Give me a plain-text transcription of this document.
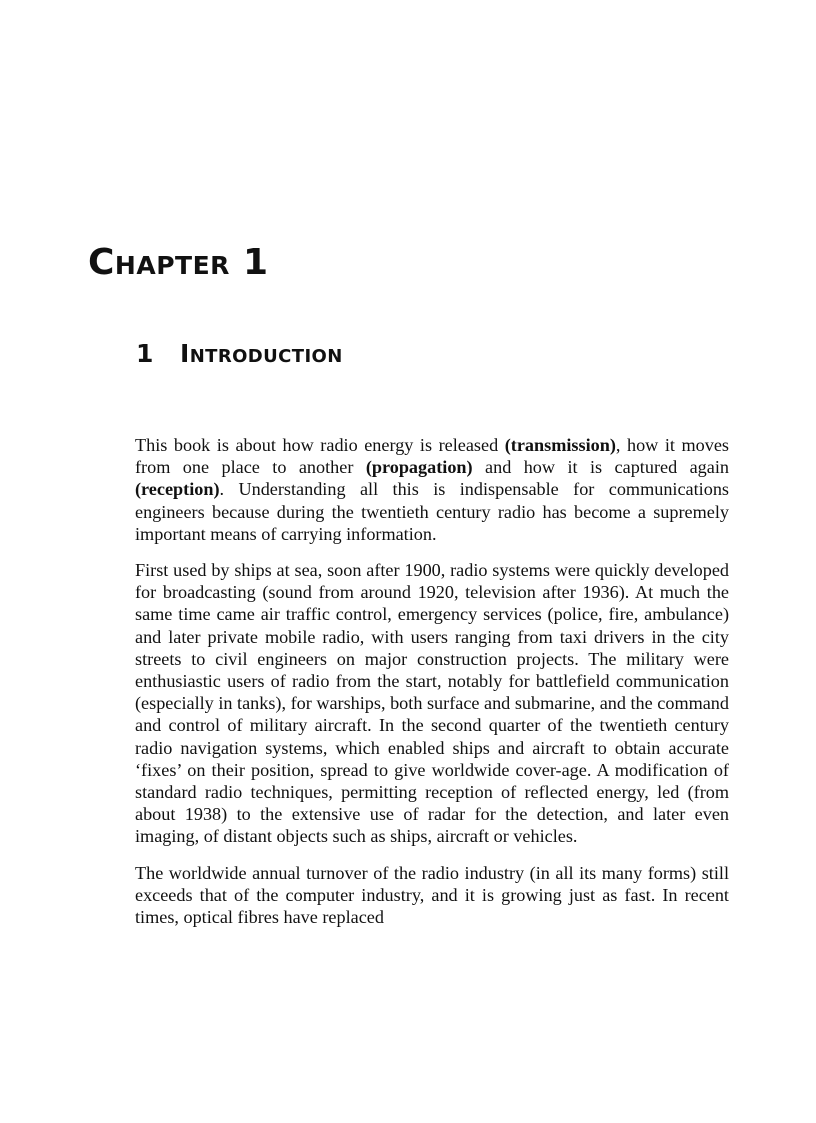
Chapter 1
1 Introduction

This book is about how radio energy is released (transmission), how it moves from one place to another (propagation) and how it is captured again (reception). Understanding all this is indispensable for communications engineers because during the twentieth century radio has become a supremely important means of carrying information.

First used by ships at sea, soon after 1900, radio systems were quickly developed for broadcasting (sound from around 1920, television after 1936). At much the same time came air traffic control, emergency services (police, fire, ambulance) and later private mobile radio, with users ranging from taxi drivers in the city streets to civil engineers on major construction projects. The military were enthusiastic users of radio from the start, notably for battlefield communication (especially in tanks), for warships, both surface and submarine, and the command and control of military aircraft. In the second quarter of the twentieth century radio navigation systems, which enabled ships and aircraft to obtain accurate ‘fixes’ on their position, spread to give worldwide cover-age. A modification of standard radio techniques, permitting reception of reflected energy, led (from about 1938) to the extensive use of radar for the detection, and later even imaging, of distant objects such as ships, aircraft or vehicles.

The worldwide annual turnover of the radio industry (in all its many forms) still exceeds that of the computer industry, and it is growing just as fast. In recent times, optical fibres have replaced
